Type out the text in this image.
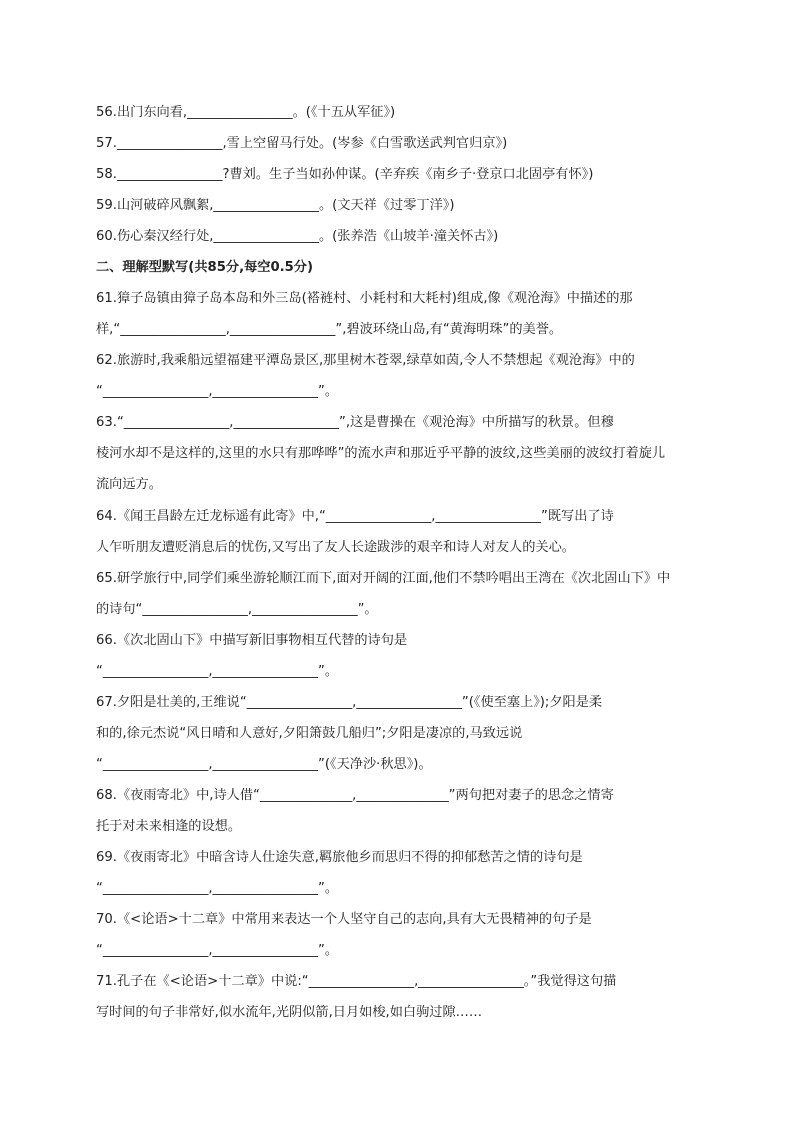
56.出门东向看,________________。(《十五从军征》)
57.________________,雪上空留马行处。(岑参《白雪歌送武判官归京》)
58.________________?曹刘。生子当如孙仲谋。(辛弃疾《南乡子·登京口北固亭有怀》)
59.山河破碎风飘絮,________________。(文天祥《过零丁洋》)
60.伤心秦汉经行处,________________。(张养浩《山坡羊·潼关怀古》)
二、理解型默写(共85分,每空0.5分)
61.獐子岛镇由獐子岛本岛和外三岛(褡裢村、小耗村和大耗村)组成,像《观沧海》中描述的那
样,“________________,________________”,碧波环绕山岛,有“黄海明珠”的美誉。
62.旅游时,我乘船远望福建平潭岛景区,那里树木苍翠,绿草如茵,令人不禁想起《观沧海》中的
“________________,________________”。
63.“________________,________________”,这是曹操在《观沧海》中所描写的秋景。但穆
棱河水却不是这样的,这里的水只有那哗哗”的流水声和那近乎平静的波纹,这些美丽的波纹打着旋儿
流向远方。
64.《闻王昌龄左迁龙标遥有此寄》中,“________________,________________”既写出了诗
人乍听朋友遭贬消息后的忧伤,又写出了友人长途跋涉的艰辛和诗人对友人的关心。
65.研学旅行中,同学们乘坐游轮顺江而下,面对开阔的江面,他们不禁吟唱出王湾在《次北固山下》中
的诗句“________________,________________”。
66.《次北固山下》中描写新旧事物相互代替的诗句是
“________________,________________”。
67.夕阳是壮美的,王维说“________________,________________”(《使至塞上》);夕阳是柔
和的,徐元杰说“风日晴和人意好,夕阳箫鼓几船归”;夕阳是凄凉的,马致远说
“________________,________________”(《天净沙·秋思》)。
68.《夜雨寄北》中,诗人借“______________,______________”两句把对妻子的思念之情寄
托于对未来相逢的设想。
69.《夜雨寄北》中暗含诗人仕途失意,羁旅他乡而思归不得的抑郁愁苦之情的诗句是
“________________,________________”。
70.《<论语>十二章》中常用来表达一个人坚守自己的志向,具有大无畏精神的句子是
“________________,________________”。
71.孔子在《<论语>十二章》中说:“________________,________________。”我觉得这句描
写时间的句子非常好,似水流年,光阴似箭,日月如梭,如白驹过隙……
